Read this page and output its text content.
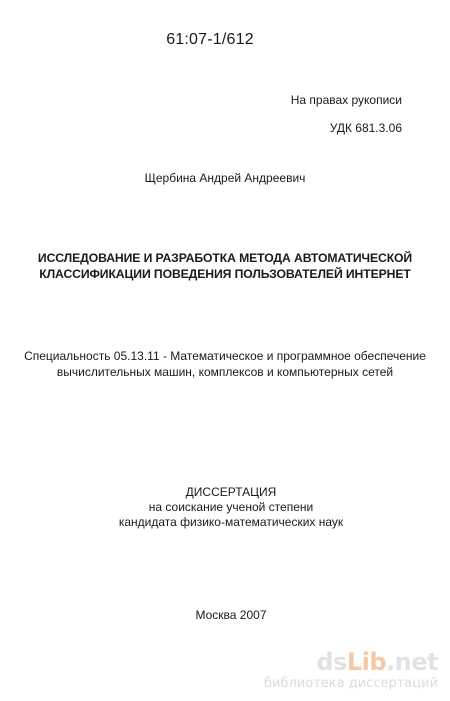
61:07-1/612
На правах рукописи
УДК 681.3.06
Щербина Андрей Андреевич
ИССЛЕДОВАНИЕ И РАЗРАБОТКА МЕТОДА АВТОМАТИЧЕСКОЙ
КЛАССИФИКАЦИИ ПОВЕДЕНИЯ ПОЛЬЗОВАТЕЛЕЙ ИНТЕРНЕТ
Специальность 05.13.11 - Математическое и программное обеспечение
вычислительных машин, комплексов и компьютерных сетей
ДИССЕРТАЦИЯ
на соискание ученой степени
кандидата физико-математических наук
Москва 2007
dsLib.net
библиотека диссертаций
